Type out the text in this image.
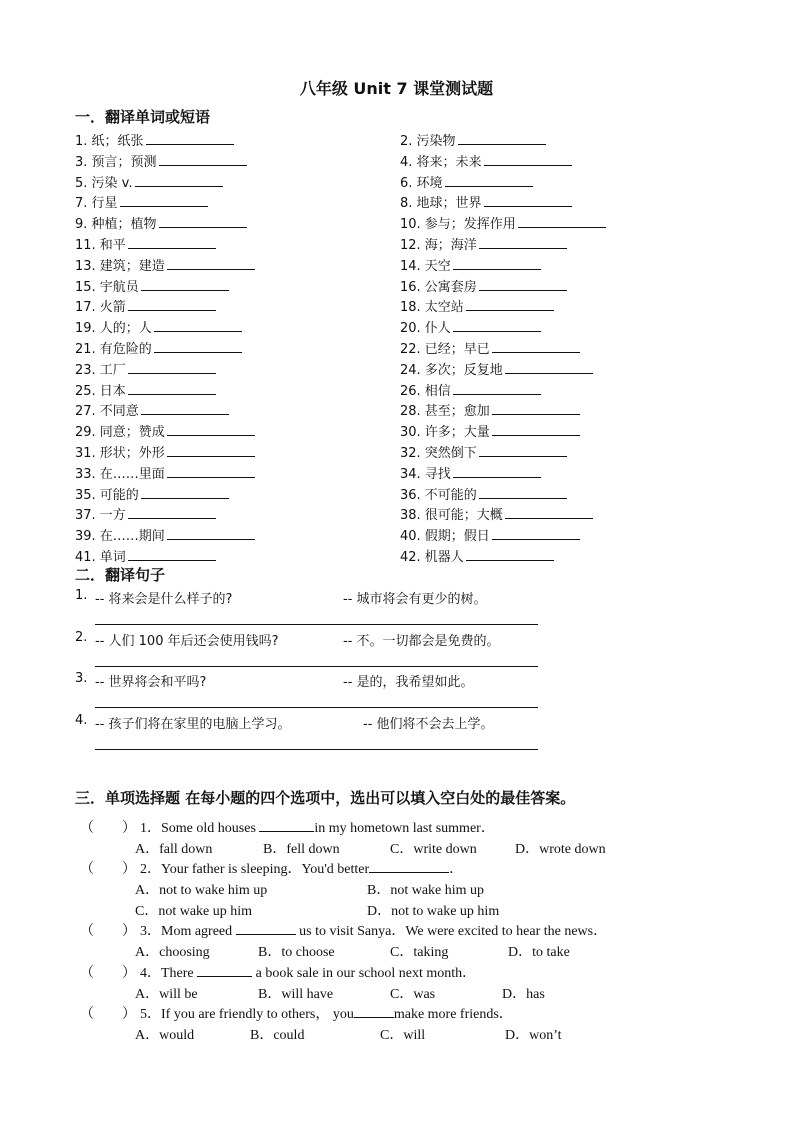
八年级 Unit 7 课堂测试题
一．翻译单词或短语
1. 纸；纸张
3. 预言；预测
5. 污染 v.
7. 行星
9. 种植；植物
11. 和平
13. 建筑；建造
15. 宇航员
17. 火箭
19. 人的；人
21. 有危险的
23. 工厂
25. 日本
27. 不同意
29. 同意；赞成
31. 形状；外形
33. 在……里面
35. 可能的
37. 一方
39. 在……期间
41. 单词
2. 污染物
4. 将来；未来
6. 环境
8. 地球；世界
10. 参与；发挥作用
12. 海；海洋
14. 天空
16. 公寓套房
18. 太空站
20. 仆人
22. 已经；早已
24. 多次；反复地
26. 相信
28. 甚至；愈加
30. 许多；大量
32. 突然倒下
34. 寻找
36. 不可能的
38. 很可能；大概
40. 假期；假日
42. 机器人
二．翻译句子
1. -- 将来会是什么样子的?	-- 城市将会有更少的树。
2. -- 人们 100 年后还会使用钱吗?	-- 不。一切都会是免费的。
3. -- 世界将会和平吗?	-- 是的，我希望如此。
4. -- 孩子们将在家里的电脑上学习。	-- 他们将不会去上学。
三．单项选择题 在每小题的四个选项中，选出可以填入空白处的最佳答案。
（　　） 1．Some old houses	in my hometown last summer．
A．fall down	B．fell down	C．write down	D．wrote down
（　　） 2．Your father is sleeping．You'd better	．
A．not to wake him up	B．not wake him up
C．not wake up him	D．not to wake up him
（　　） 3．Mom agreed	us to visit Sanya．We were excited to hear the news．
A．choosing	B．to choose	C．taking	D．to take
（　　） 4．There	a book sale in our school next month．
A．will be	B．will have	C．was	D．has
（　　） 5．If you are friendly to others， you	make more friends．
A．would	B．could	C．will	D．won’t
